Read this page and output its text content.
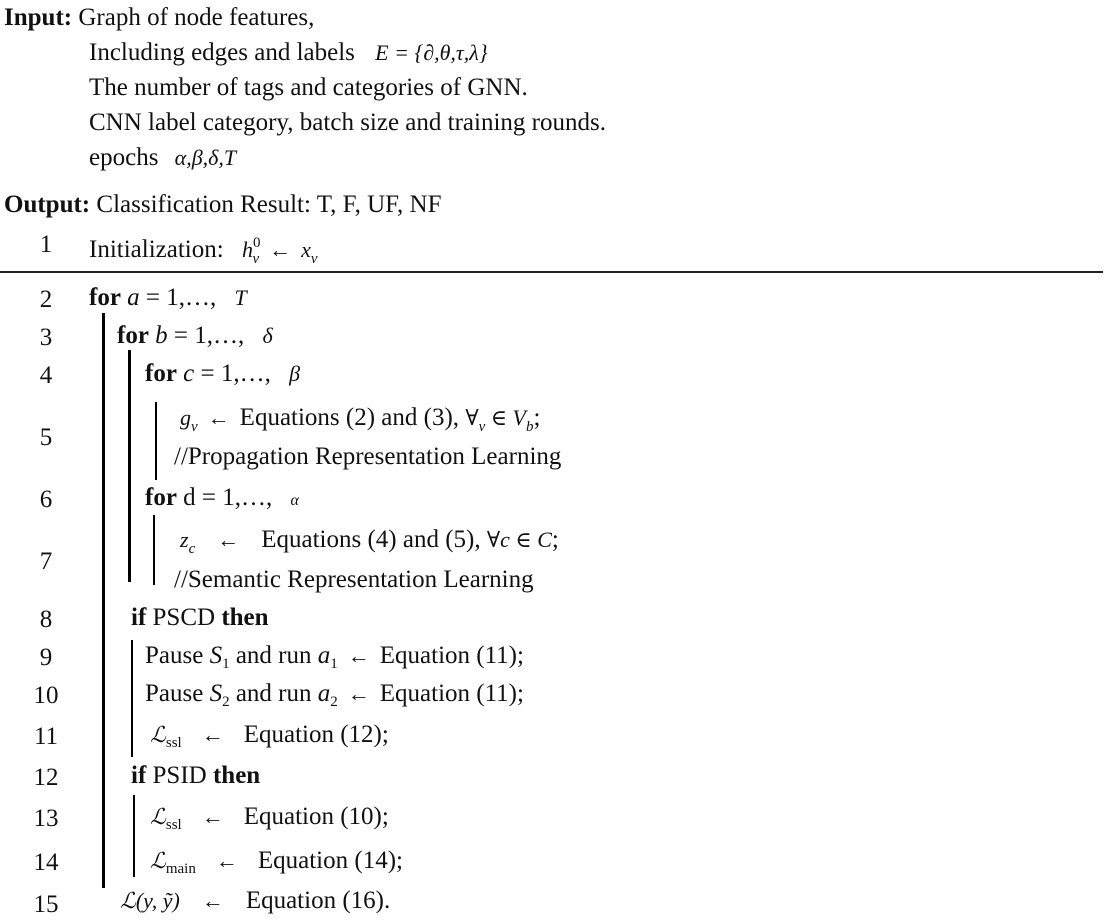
Input: Graph of node features,
Including edges and labels E = {∂,θ,τ,λ}
The number of tags and categories of GNN.
CNN label category, batch size and training rounds.
epochs α,β,δ,T
Output: Classification Result: T, F, UF, NF
1	Initialization: $h^0_v$ ← $x_v$
2	for a = 1,…, T
3	for b = 1,…, δ
4	for c = 1,…, β
5
$g_v$ ← Equations (2) and (3), $\forall_v$ ∈ $V_b$;
//Propagation Representation Learning
6	for d = 1,…, α
7
$z_c$ ← Equations (4) and (5), ∀c ∈ C;
//Semantic Representation Learning
8	if PSCD then
9	Pause $S_1$ and run $a_1$ ← Equation (11);
10	Pause $S_2$ and run $a_2$ ← Equation (11);
11	ℒ$_{ssl}$ ← Equation (12);
12	if PSID then
13	ℒ$_{ssl}$ ← Equation (10);
14	ℒ$_{main}$ ← Equation (14);
15	ℒ(y, ỹ) ← Equation (16).
